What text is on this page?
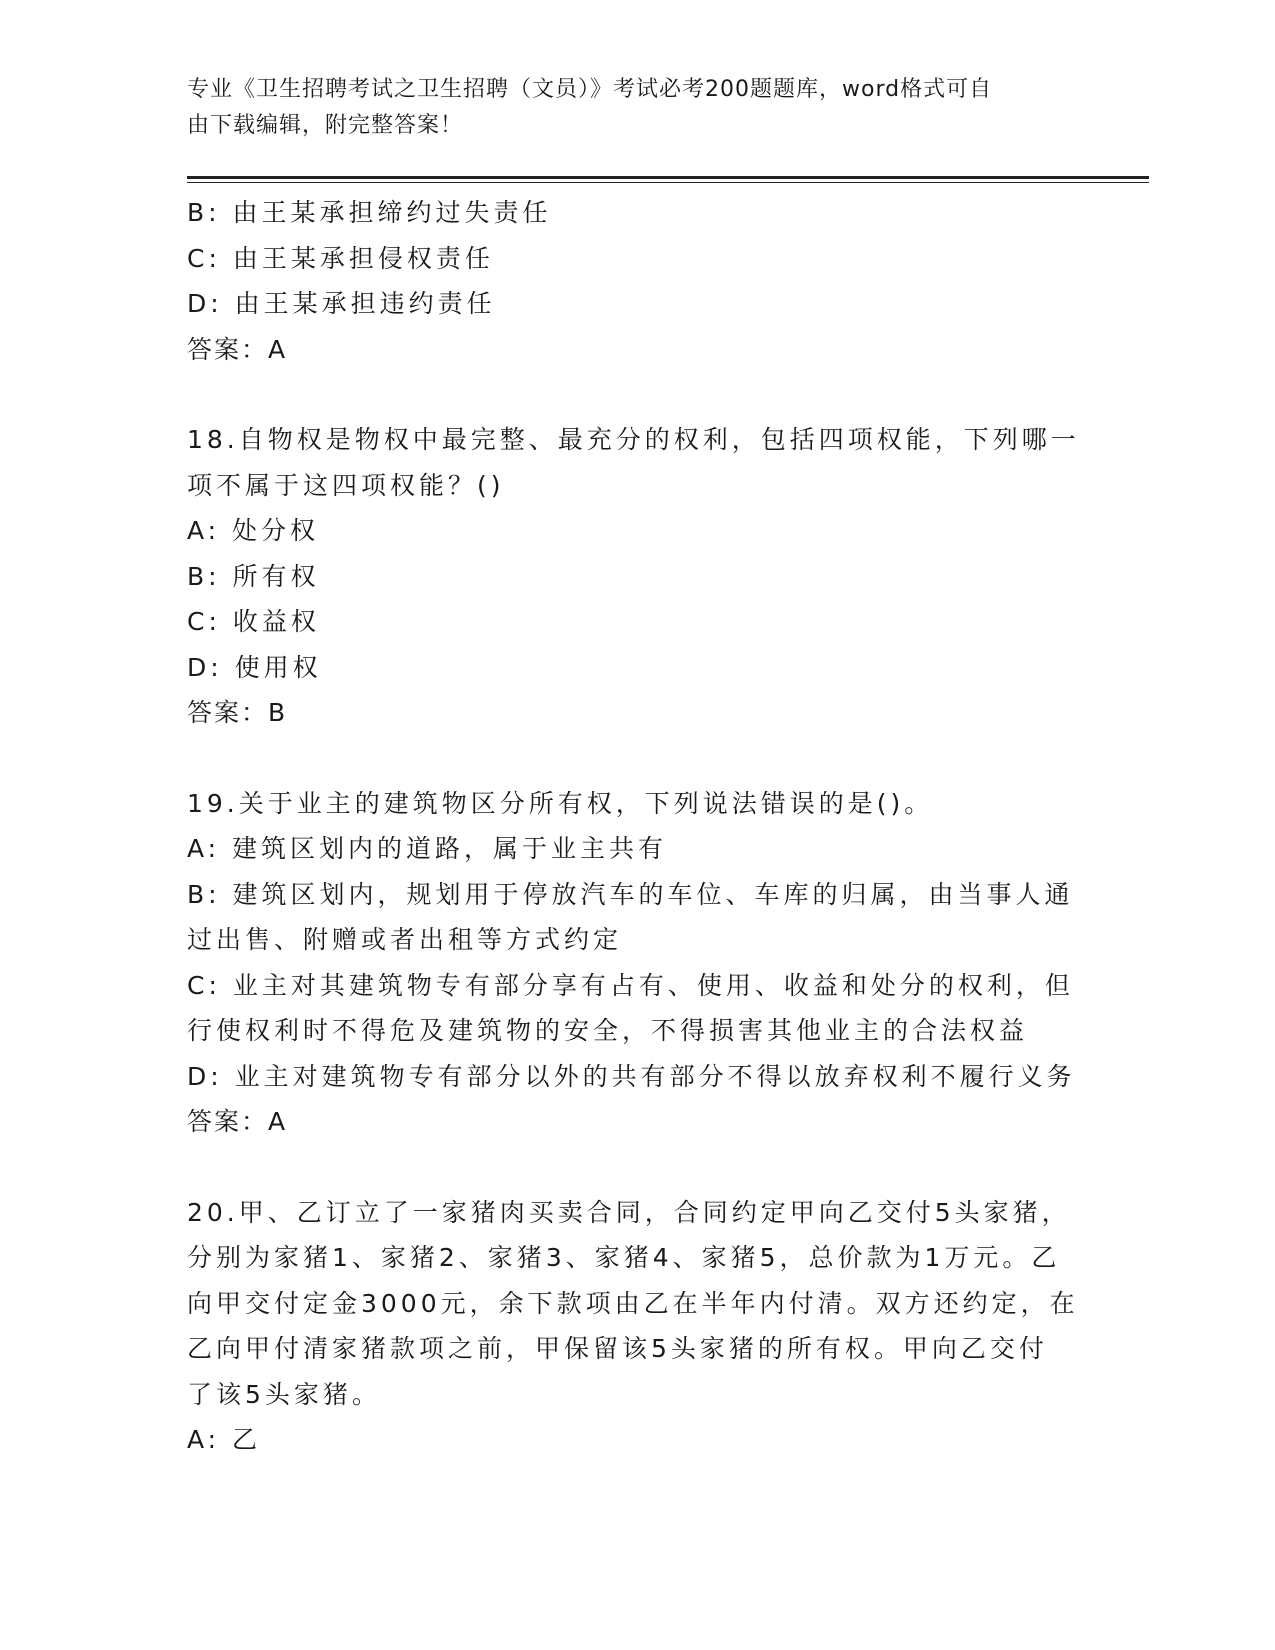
专业《卫生招聘考试之卫生招聘（文员）》考试必考200题题库，word格式可自
由下载编辑，附完整答案！
B: 由王某承担缔约过失责任
C: 由王某承担侵权责任
D: 由王某承担违约责任
答案：A
18.自物权是物权中最完整、最充分的权利，包括四项权能，下列哪一
项不属于这四项权能？()
A: 处分权
B: 所有权
C: 收益权
D: 使用权
答案：B
19.关于业主的建筑物区分所有权，下列说法错误的是()。
A: 建筑区划内的道路，属于业主共有
B: 建筑区划内，规划用于停放汽车的车位、车库的归属，由当事人通
过出售、附赠或者出租等方式约定
C: 业主对其建筑物专有部分享有占有、使用、收益和处分的权利，但
行使权利时不得危及建筑物的安全，不得损害其他业主的合法权益
D: 业主对建筑物专有部分以外的共有部分不得以放弃权利不履行义务
答案：A
20.甲、乙订立了一家猪肉买卖合同，合同约定甲向乙交付5头家猪，
分别为家猪1、家猪2、家猪3、家猪4、家猪5，总价款为1万元。乙
向甲交付定金3000元，余下款项由乙在半年内付清。双方还约定，在
乙向甲付清家猪款项之前，甲保留该5头家猪的所有权。甲向乙交付
了该5头家猪。
A: 乙
